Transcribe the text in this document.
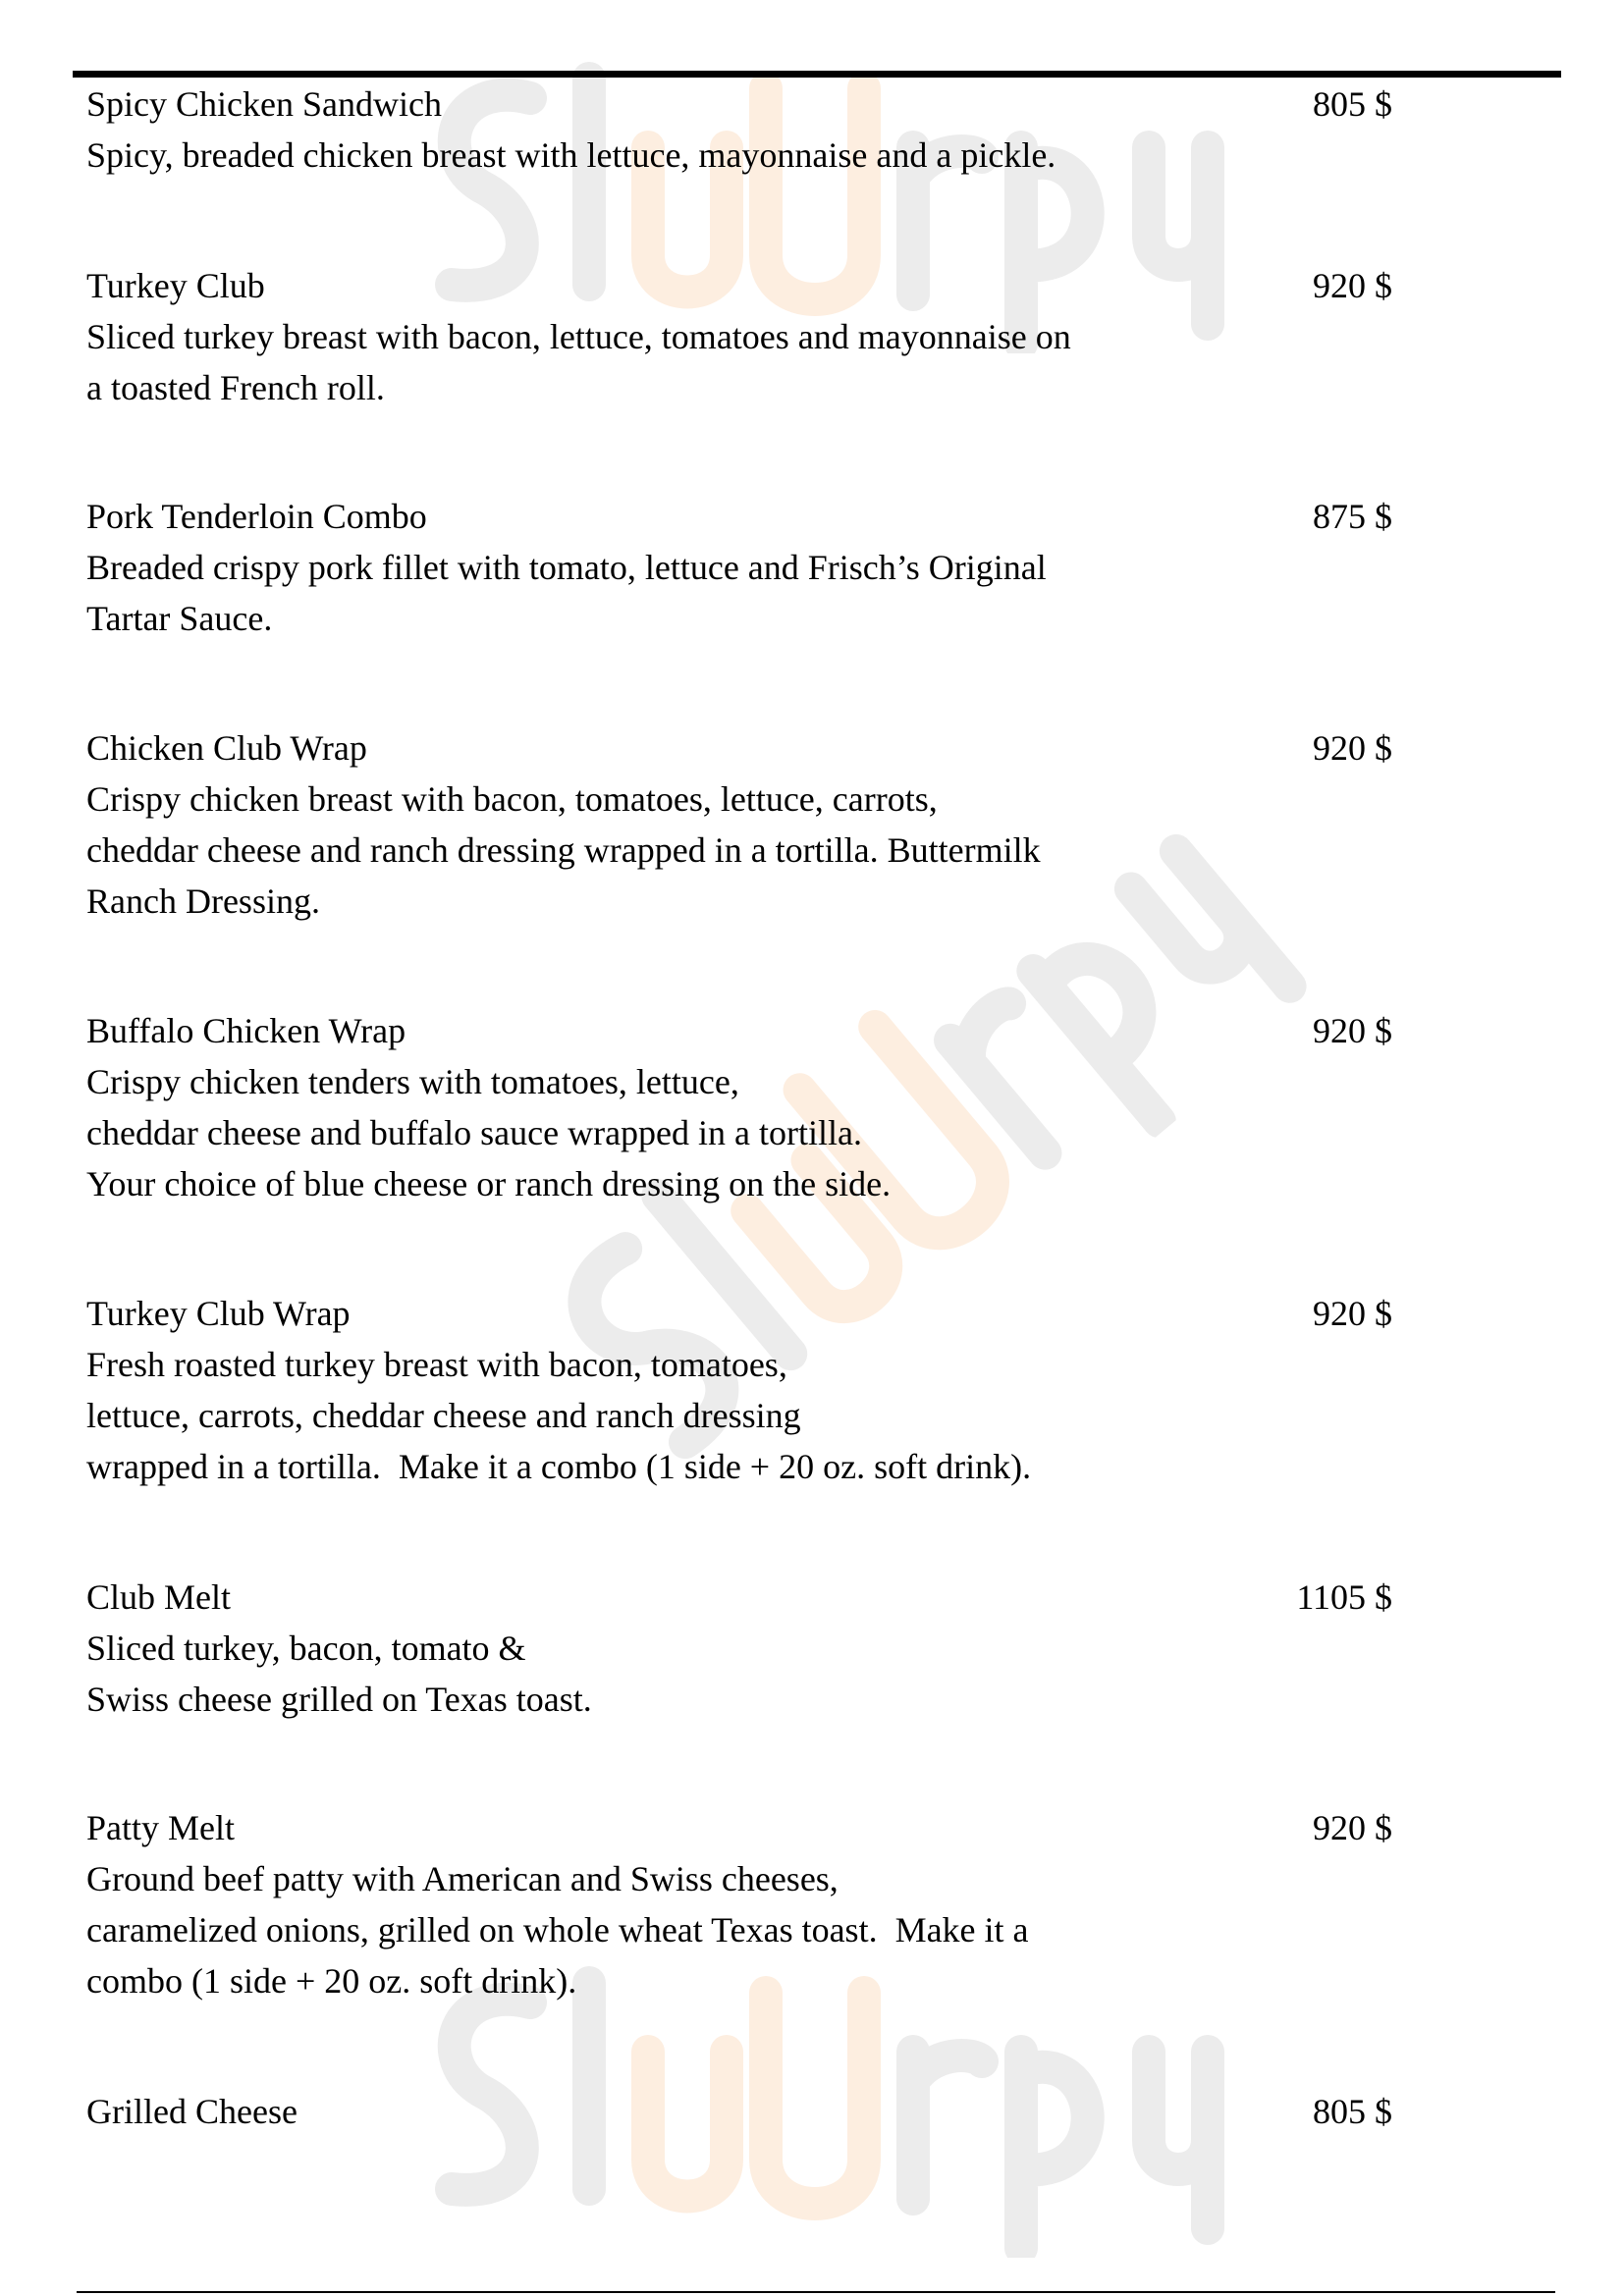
Spicy Chicken Sandwich
Spicy, breaded chicken breast with lettuce, mayonnaise and a pickle.
805 $
Turkey Club
Sliced turkey breast with bacon, lettuce, tomatoes and mayonnaise on
a toasted French roll.
920 $
Pork Tenderloin Combo
Breaded crispy pork fillet with tomato, lettuce and Frisch’s Original
Tartar Sauce.
875 $
Chicken Club Wrap
Crispy chicken breast with bacon, tomatoes, lettuce, carrots,
cheddar cheese and ranch dressing wrapped in a tortilla. Buttermilk
Ranch Dressing.
920 $
Buffalo Chicken Wrap
Crispy chicken tenders with tomatoes, lettuce,
cheddar cheese and buffalo sauce wrapped in a tortilla.
Your choice of blue cheese or ranch dressing on the side.
920 $
Turkey Club Wrap
Fresh roasted turkey breast with bacon, tomatoes,
lettuce, carrots, cheddar cheese and ranch dressing
wrapped in a tortilla.  Make it a combo (1 side + 20 oz. soft drink).
920 $
Club Melt
Sliced turkey, bacon, tomato &
Swiss cheese grilled on Texas toast.
1105 $
Patty Melt
Ground beef patty with American and Swiss cheeses,
caramelized onions, grilled on whole wheat Texas toast.  Make it a
combo (1 side + 20 oz. soft drink).
920 $
Grilled Cheese	805 $
